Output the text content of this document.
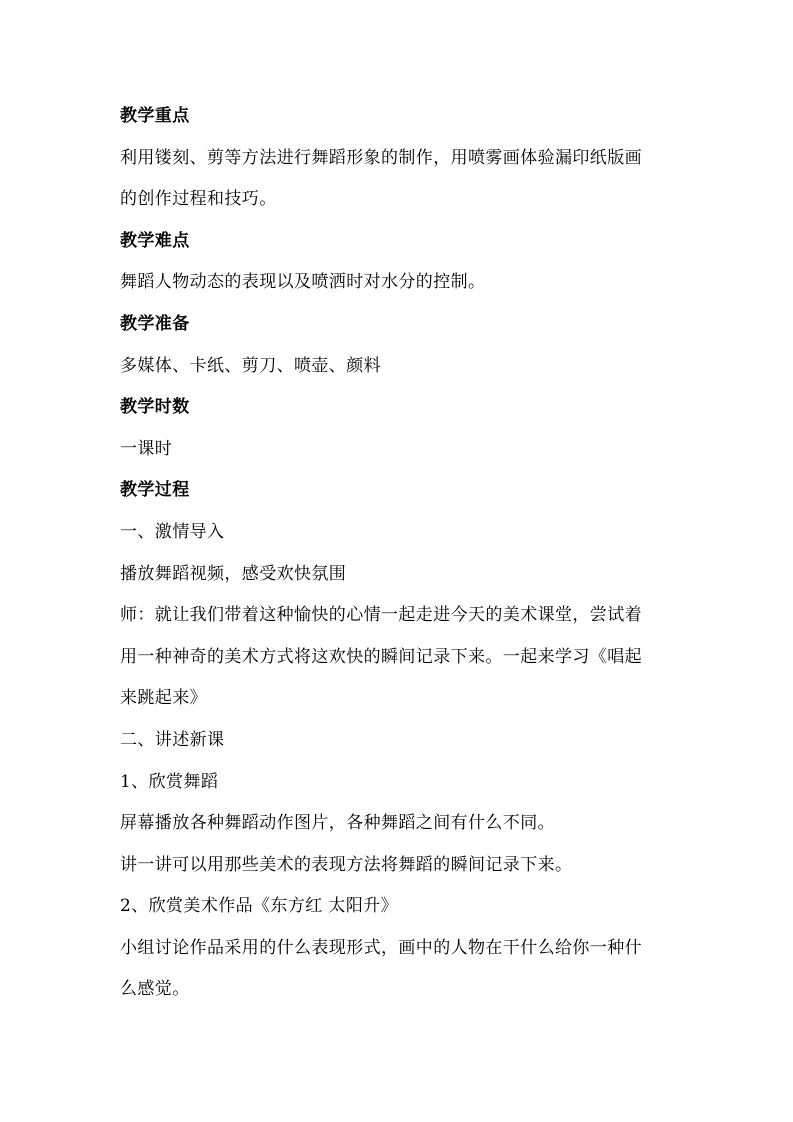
教学重点
利用镂刻、剪等方法进行舞蹈形象的制作，用喷雾画体验漏印纸版画
的创作过程和技巧。
教学难点
舞蹈人物动态的表现以及喷洒时对水分的控制。
教学准备
多媒体、卡纸、剪刀、喷壶、颜料
教学时数
一课时
教学过程
一、激情导入
播放舞蹈视频，感受欢快氛围
师：就让我们带着这种愉快的心情一起走进今天的美术课堂，尝试着
用一种神奇的美术方式将这欢快的瞬间记录下来。一起来学习《唱起
来跳起来》
二、讲述新课
1、欣赏舞蹈
屏幕播放各种舞蹈动作图片，各种舞蹈之间有什么不同。
讲一讲可以用那些美术的表现方法将舞蹈的瞬间记录下来。
2、欣赏美术作品《东方红 太阳升》
小组讨论作品采用的什么表现形式，画中的人物在干什么给你一种什
么感觉。
